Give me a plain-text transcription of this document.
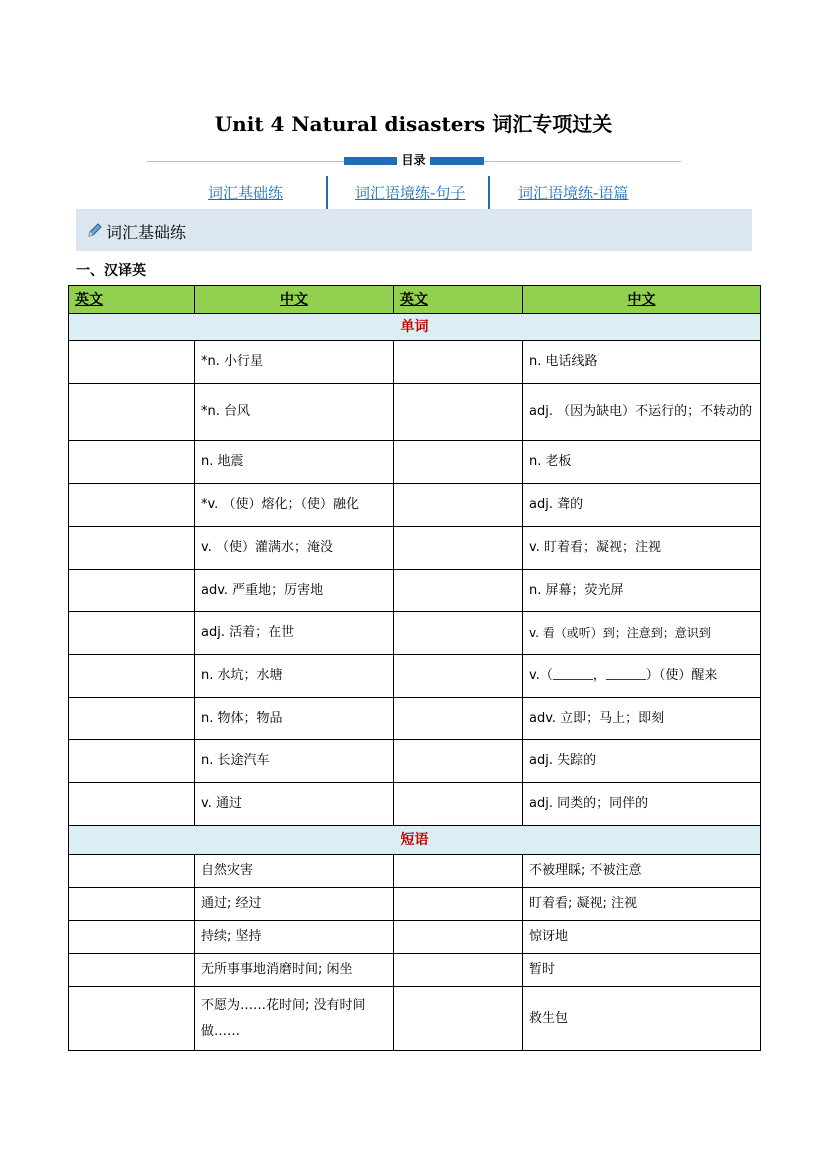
Unit 4 Natural disasters 词汇专项过关
目录
词汇基础练	词汇语境练-句子	词汇语境练-语篇
词汇基础练
一、汉译英
英文	中文	英文	中文
单词			
	*n. 小行星		n. 电话线路
	*n. 台风		adj. （因为缺电）不运行的；不转动的
	n. 地震		n. 老板
	*v. （使）熔化；（使）融化		adj. 聋的
	v. （使）灌满水；淹没		v. 盯着看；凝视；注视
	adv. 严重地；厉害地		n. 屏幕；荧光屏
	adj. 活着；在世		v. 看（或听）到；注意到；意识到
	n. 水坑；水塘		v.（ ， ）（使）醒来
	n. 物体；物品		adv. 立即；马上；即刻
	n. 长途汽车		adj. 失踪的
	v. 通过		adj. 同类的；同伴的
短语			
	自然灾害		不被理睬; 不被注意
	通过; 经过		盯着看; 凝视; 注视
	持续; 坚持		惊讶地
	无所事事地消磨时间; 闲坐		暂时
	不愿为……花时间; 没有时间做……		救生包
